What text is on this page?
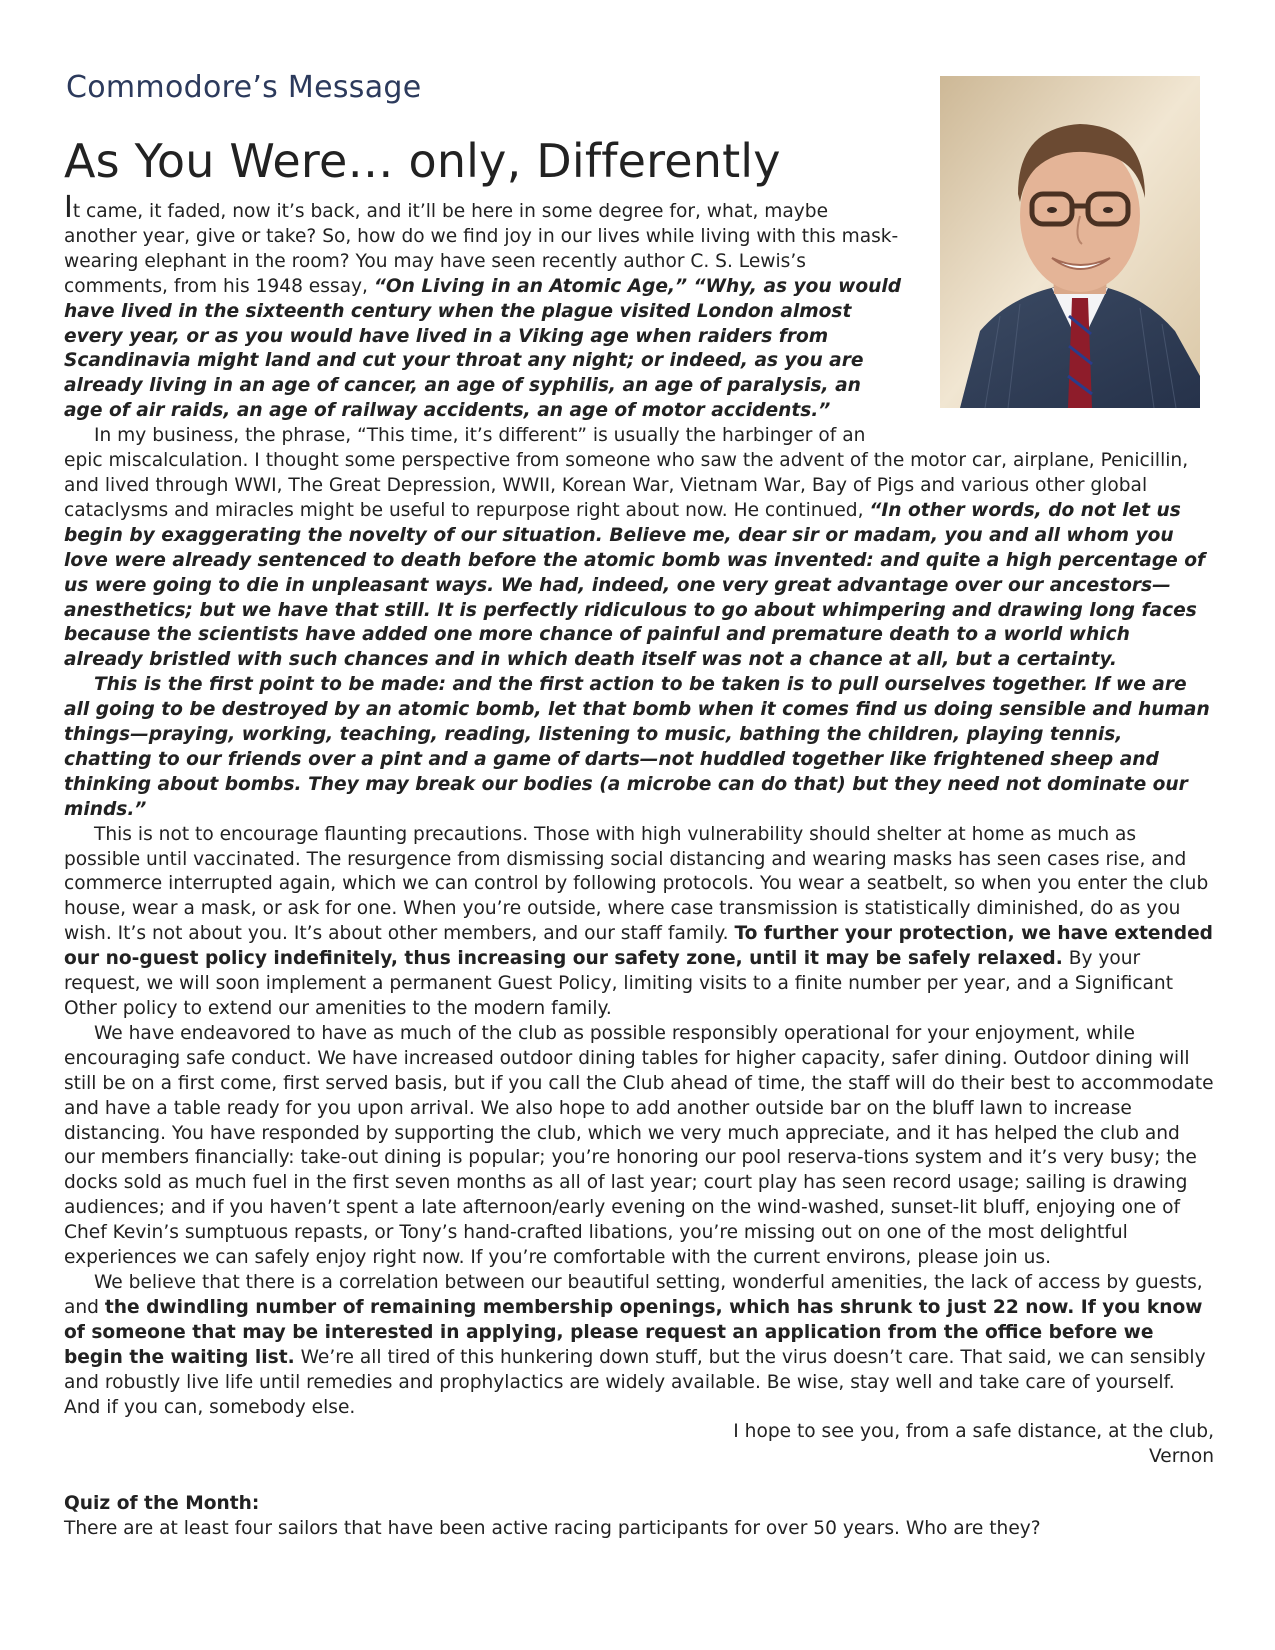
Commodore’s Message
As You Were… only, Differently

It came, it faded, now it’s back, and it’ll be here in some degree for, what, maybe another year, give or take? So, how do we find joy in our lives while living with this mask-wearing elephant in the room? You may have seen recently author C. S. Lewis’s comments, from his 1948 essay, “On Living in an Atomic Age,” “Why, as you would have lived in the sixteenth century when the plague visited London almost every year, or as you would have lived in a Viking age when raiders from Scandinavia might land and cut your throat any night; or indeed, as you are already living in an age of cancer, an age of syphilis, an age of paralysis, an age of air raids, an age of railway accidents, an age of motor accidents.”

In my business, the phrase, “This time, it’s different” is usually the harbinger of an

epic miscalculation. I thought some perspective from someone who saw the advent of the motor car, airplane, Penicillin, and lived through WWI, The Great Depression, WWII, Korean War, Vietnam War, Bay of Pigs and various other global cataclysms and miracles might be useful to repurpose right about now. He continued, “In other words, do not let us begin by exaggerating the novelty of our situation. Believe me, dear sir or madam, you and all whom you love were already sentenced to death before the atomic bomb was invented: and quite a high percentage of us were going to die in unpleasant ways. We had, indeed, one very great advantage over our ancestors—anesthetics; but we have that still. It is perfectly ridiculous to go about whimpering and drawing long faces because the scientists have added one more chance of painful and premature death to a world which already bristled with such chances and in which death itself was not a chance at all, but a certainty.

This is the first point to be made: and the first action to be taken is to pull ourselves together. If we are all going to be destroyed by an atomic bomb, let that bomb when it comes find us doing sensible and human things—praying, working, teaching, reading, listening to music, bathing the children, playing tennis, chatting to our friends over a pint and a game of darts—not huddled together like frightened sheep and thinking about bombs. They may break our bodies (a microbe can do that) but they need not dominate our minds.”

This is not to encourage flaunting precautions. Those with high vulnerability should shelter at home as much as possible until vaccinated. The resurgence from dismissing social distancing and wearing masks has seen cases rise, and commerce interrupted again, which we can control by following protocols. You wear a seatbelt, so when you enter the club house, wear a mask, or ask for one. When you’re outside, where case transmission is statistically diminished, do as you wish. It’s not about you. It’s about other members, and our staff family. To further your protection, we have extended our no-guest policy indefinitely, thus increasing our safety zone, until it may be safely relaxed. By your request, we will soon implement a permanent Guest Policy, limiting visits to a finite number per year, and a Significant Other policy to extend our amenities to the modern family.

We have endeavored to have as much of the club as possible responsibly operational for your enjoyment, while encouraging safe conduct. We have increased outdoor dining tables for higher capacity, safer dining. Outdoor dining will still be on a first come, first served basis, but if you call the Club ahead of time, the staff will do their best to accommodate and have a table ready for you upon arrival. We also hope to add another outside bar on the bluff lawn to increase distancing. You have responded by supporting the club, which we very much appreciate, and it has helped the club and our members financially: take-out dining is popular; you’re honoring our pool reserva-tions system and it’s very busy; the docks sold as much fuel in the first seven months as all of last year; court play has seen record usage; sailing is drawing audiences; and if you haven’t spent a late afternoon/early evening on the wind-washed, sunset-lit bluff, enjoying one of Chef Kevin’s sumptuous repasts, or Tony’s hand-crafted libations, you’re missing out on one of the most delightful experiences we can safely enjoy right now. If you’re comfortable with the current environs, please join us.

We believe that there is a correlation between our beautiful setting, wonderful amenities, the lack of access by guests, and the dwindling number of remaining membership openings, which has shrunk to just 22 now. If you know of someone that may be interested in applying, please request an application from the office before we begin the waiting list. We’re all tired of this hunkering down stuff, but the virus doesn’t care. That said, we can sensibly and robustly live life until remedies and prophylactics are widely available. Be wise, stay well and take care of yourself. And if you can, somebody else.

I hope to see you, from a safe distance, at the club,

Vernon

Quiz of the Month:

There are at least four sailors that have been active racing participants for over 50 years. Who are they?
